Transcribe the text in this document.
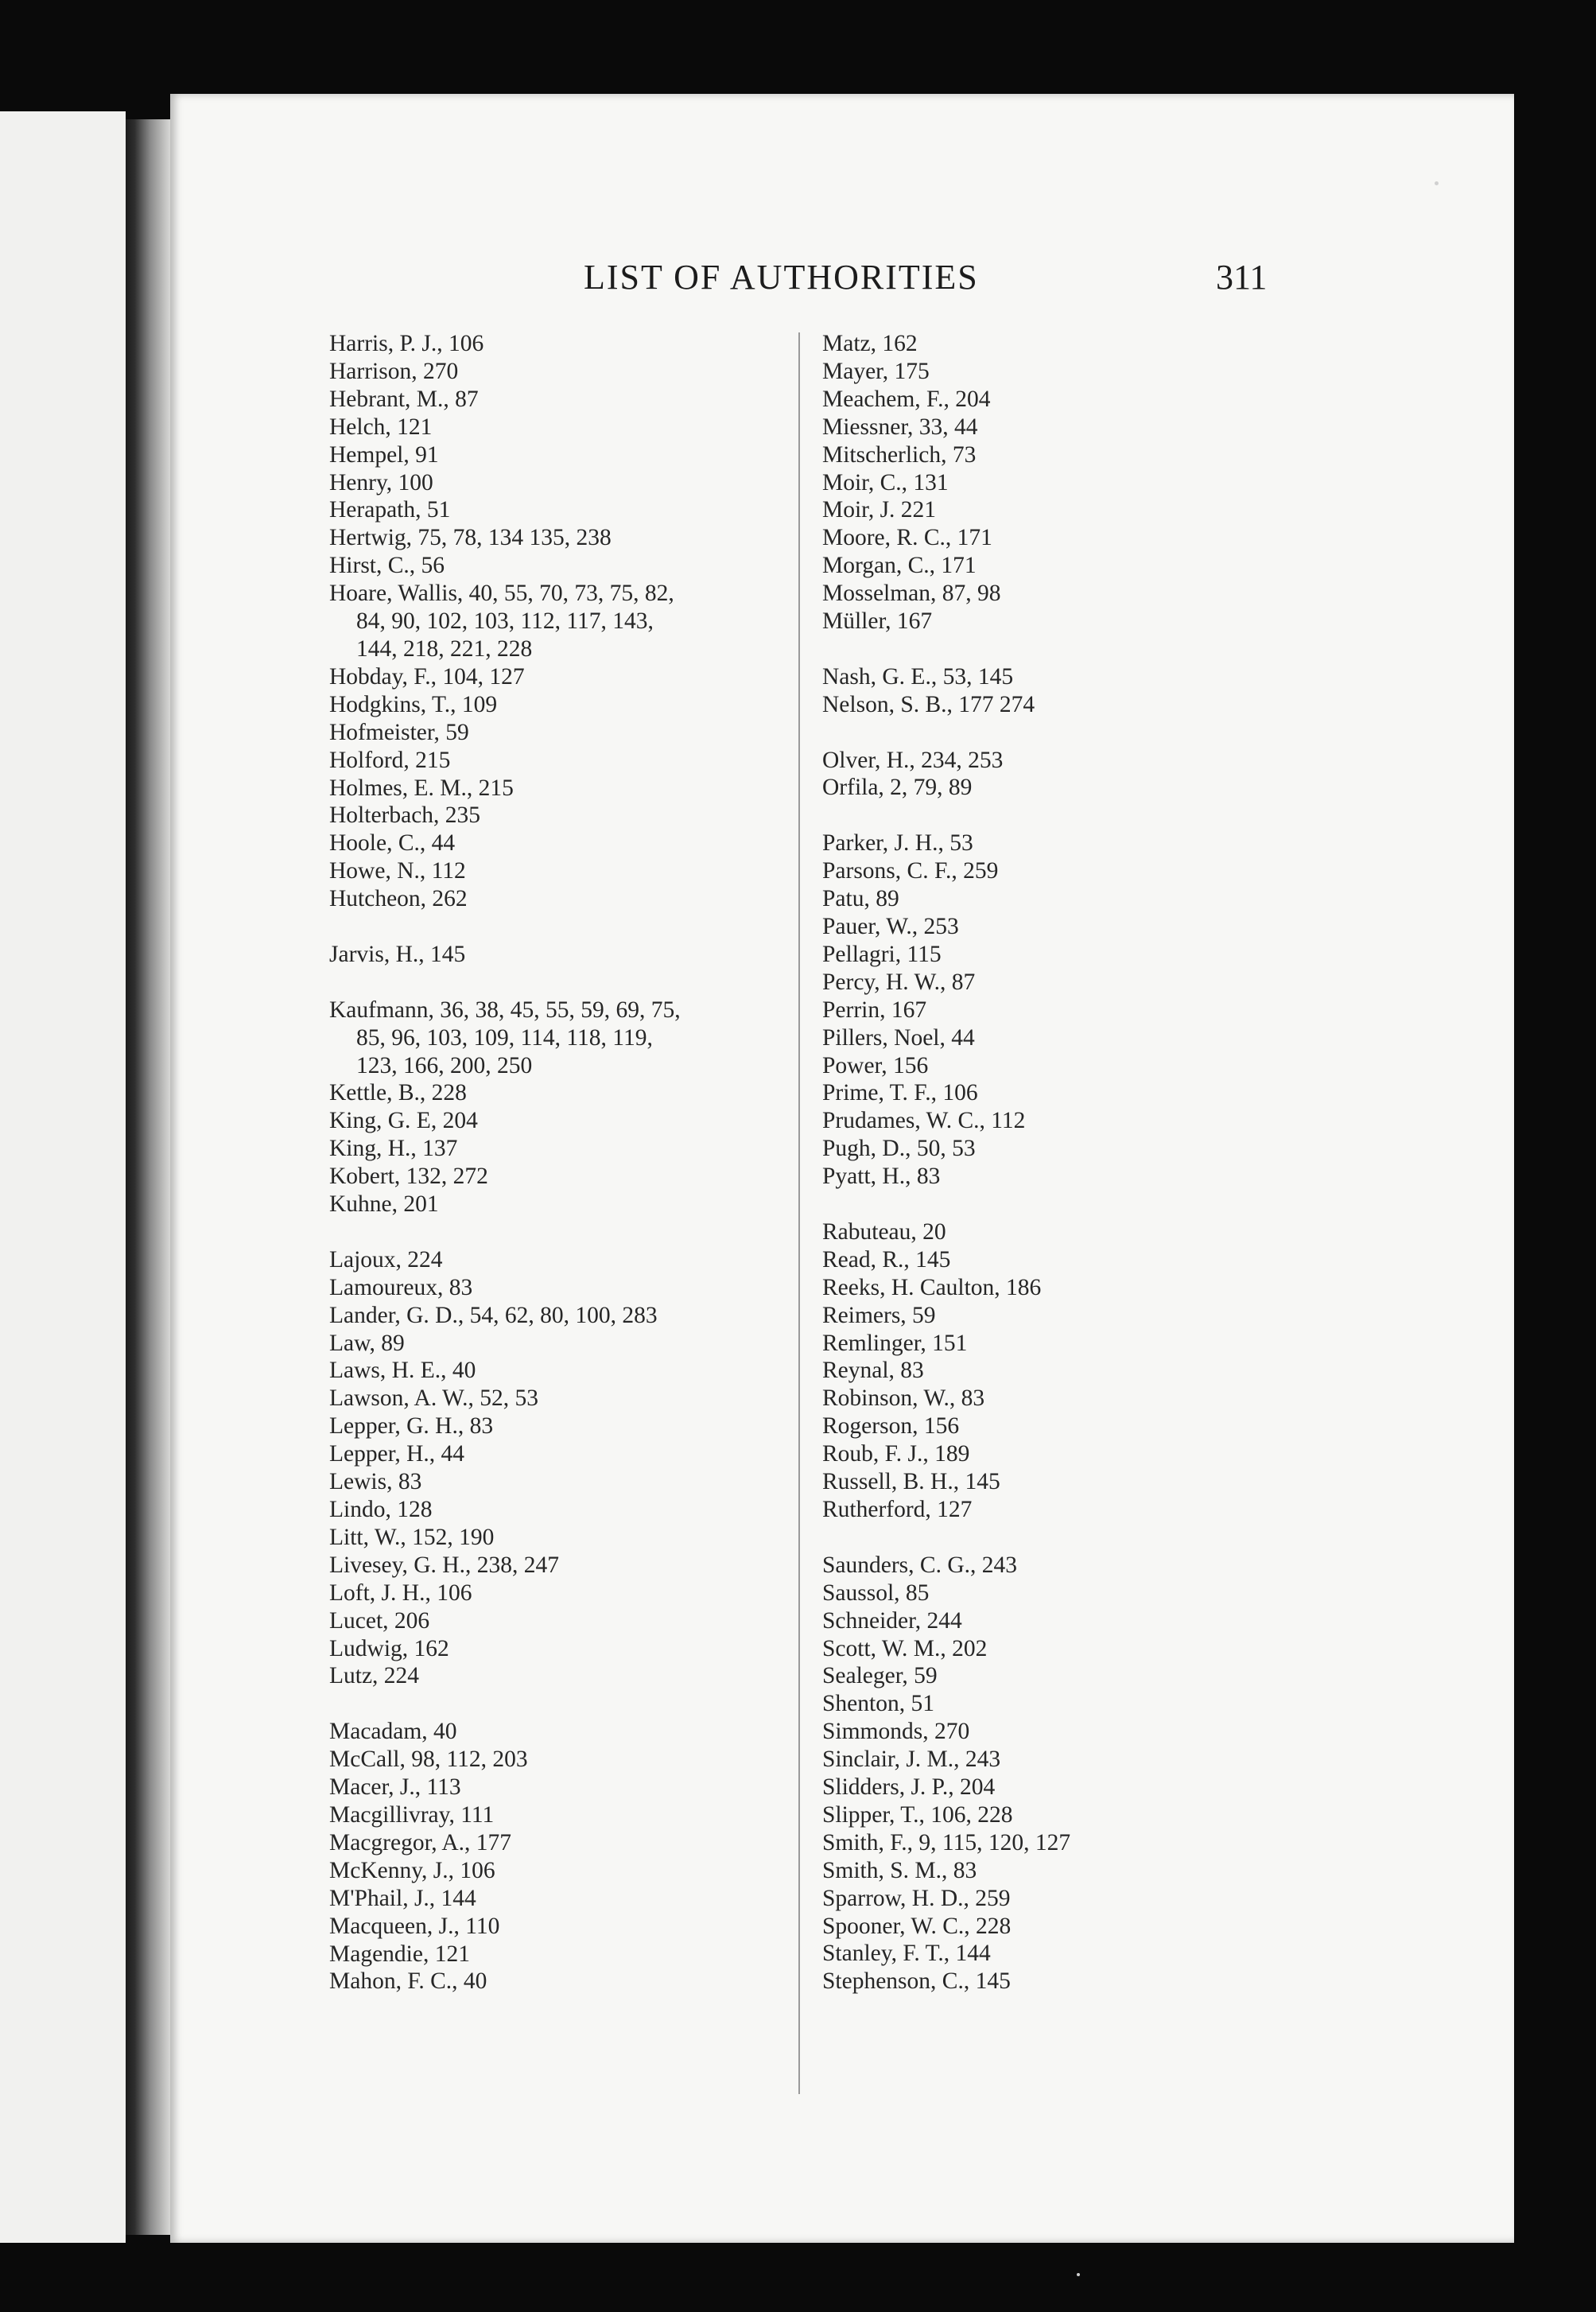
LIST OF AUTHORITIES	311
Harris, P. J., 106
Harrison, 270
Hebrant, M., 87
Helch, 121
Hempel, 91
Henry, 100
Herapath, 51
Hertwig, 75, 78, 134 135, 238
Hirst, C., 56
Hoare, Wallis, 40, 55, 70, 73, 75, 82,
84, 90, 102, 103, 112, 117, 143,
144, 218, 221, 228
Hobday, F., 104, 127
Hodgkins, T., 109
Hofmeister, 59
Holford, 215
Holmes, E. M., 215
Holterbach, 235
Hoole, C., 44
Howe, N., 112
Hutcheon, 262
Jarvis, H., 145
Kaufmann, 36, 38, 45, 55, 59, 69, 75,
85, 96, 103, 109, 114, 118, 119,
123, 166, 200, 250
Kettle, B., 228
King, G. E, 204
King, H., 137
Kobert, 132, 272
Kuhne, 201
Lajoux, 224
Lamoureux, 83
Lander, G. D., 54, 62, 80, 100, 283
Law, 89
Laws, H. E., 40
Lawson, A. W., 52, 53
Lepper, G. H., 83
Lepper, H., 44
Lewis, 83
Lindo, 128
Litt, W., 152, 190
Livesey, G. H., 238, 247
Loft, J. H., 106
Lucet, 206
Ludwig, 162
Lutz, 224
Macadam, 40
McCall, 98, 112, 203
Macer, J., 113
Macgillivray, 111
Macgregor, A., 177
McKenny, J., 106
M'Phail, J., 144
Macqueen, J., 110
Magendie, 121
Mahon, F. C., 40
Matz, 162
Mayer, 175
Meachem, F., 204
Miessner, 33, 44
Mitscherlich, 73
Moir, C., 131
Moir, J. 221
Moore, R. C., 171
Morgan, C., 171
Mosselman, 87, 98
Müller, 167
Nash, G. E., 53, 145
Nelson, S. B., 177 274
Olver, H., 234, 253
Orfila, 2, 79, 89
Parker, J. H., 53
Parsons, C. F., 259
Patu, 89
Pauer, W., 253
Pellagri, 115
Percy, H. W., 87
Perrin, 167
Pillers, Noel, 44
Power, 156
Prime, T. F., 106
Prudames, W. C., 112
Pugh, D., 50, 53
Pyatt, H., 83
Rabuteau, 20
Read, R., 145
Reeks, H. Caulton, 186
Reimers, 59
Remlinger, 151
Reynal, 83
Robinson, W., 83
Rogerson, 156
Roub, F. J., 189
Russell, B. H., 145
Rutherford, 127
Saunders, C. G., 243
Saussol, 85
Schneider, 244
Scott, W. M., 202
Sealeger, 59
Shenton, 51
Simmonds, 270
Sinclair, J. M., 243
Slidders, J. P., 204
Slipper, T., 106, 228
Smith, F., 9, 115, 120, 127
Smith, S. M., 83
Sparrow, H. D., 259
Spooner, W. C., 228
Stanley, F. T., 144
Stephenson, C., 145
